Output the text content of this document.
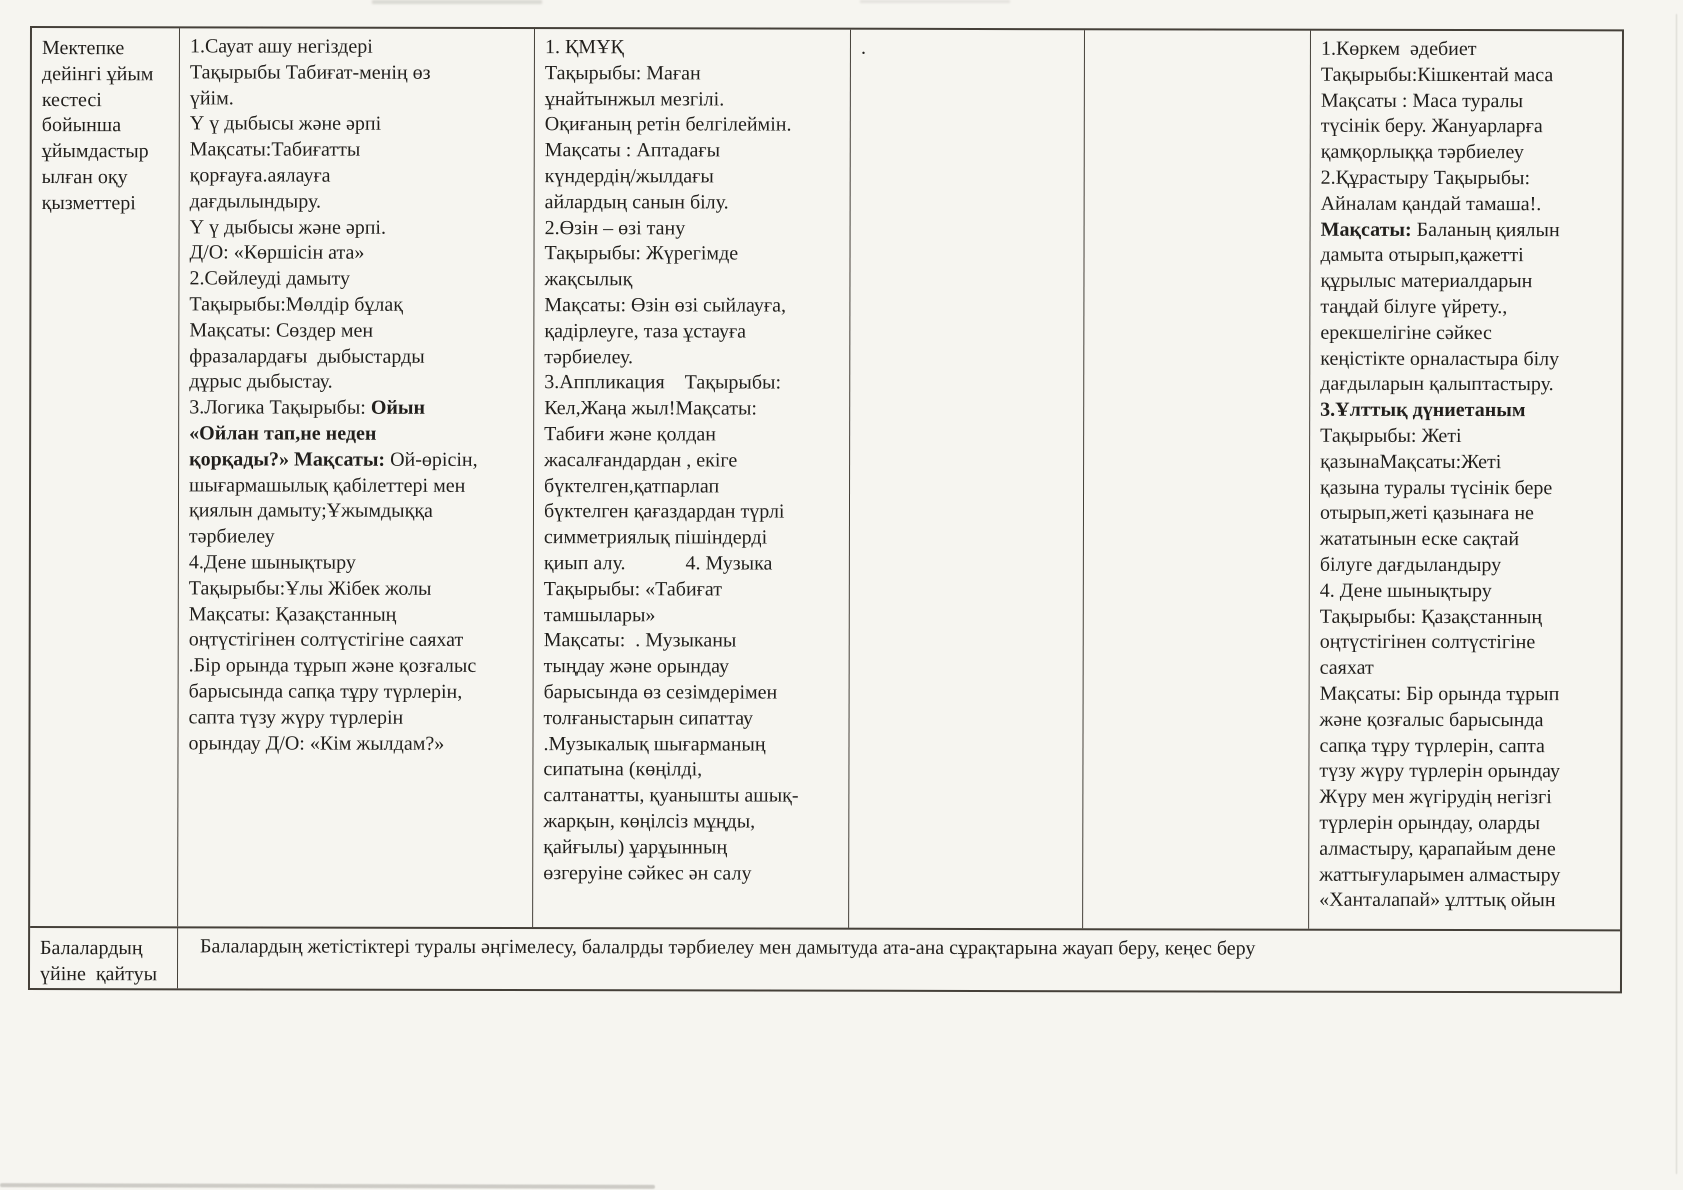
Мектепке
дейінгі ұйым
кестесі
бойынша
ұйымдастыр
ылған оқу
қызметтері
1.Сауат ашу негіздері
Тақырыбы Табиғат-менің өз
үйім.
Ү ү дыбысы және әрпі
Мақсаты:Табиғатты
қорғауға.аялауға
дағдылындыру.
Ү ү дыбысы және әрпі.
Д/О: «Көршісін ата»
2.Сөйлеуді дамыту
Тақырыбы:Мөлдір бұлақ
Мақсаты: Сөздер мен
фразалардағы  дыбыстарды
дұрыс дыбыстау.
3.Логика Тақырыбы: Ойын
«Ойлан тап,не неден
қорқады?» Мақсаты: Ой-өрісін,
шығармашылық қабілеттері мен
қиялын дамыту;Ұжымдыққа
тәрбиелеу
4.Дене шынықтыру
Тақырыбы:Ұлы Жібек жолы
Мақсаты: Қазақстанның
оңтүстігінен солтүстігіне саяхат
.Бір орында тұрып және қозғалыс
барысында сапқа тұру түрлерін,
сапта түзу жүру түрлерін
орындау Д/О: «Кім жылдам?»
1. ҚМҰҚ
Тақырыбы: Маған
ұнайтынжыл мезгілі.
Оқиғаның ретін белгілеймін.
Мақсаты : Аптадағы
күндердің/жылдағы
айлардың санын білу.
2.Өзін – өзі тану
Тақырыбы: Жүрегімде
жақсылық
Мақсаты: Өзін өзі сыйлауға,
қадірлеуге, таза ұстауға
тәрбиелеу.
3.Аппликация    Тақырыбы:
Кел,Жаңа жыл!Мақсаты:
Табиғи және қолдан
жасалғандардан , екіге
бүктелген,қатпарлап
бүктелген қағаздардан түрлі
симметриялық пішіндерді
қиып алу.            4. Музыка
Тақырыбы: «Табиғат
тамшылары»
Мақсаты:  . Музыканы
тыңдау және орындау
барысында өз сезімдерімен
толғаныстарын сипаттау
.Музыкалық шығарманың
сипатына (көңілді,
салтанатты, қуанышты ашық-
жарқын, көңілсіз мұңды,
қайғылы) ұарұынның
өзгеруіне сәйкес ән салу
.	1.Көркем  әдебиет
Тақырыбы:Кішкентай маса
Мақсаты : Маса туралы
түсінік беру. Жануарларға
қамқорлыққа тәрбиелеу
2.Құрастыру Тақырыбы:
Айналам қандай тамаша!.
Мақсаты: Баланың қиялын
дамыта отырып,қажетті
құрылыс материалдарын
таңдай білуге үйрету.,
ерекшелігіне сәйкес
кеңістікте орналастыра білу
дағдыларын қалыптастыру.
3.Ұлттық дүниетаным
Тақырыбы: Жеті
қазынаМақсаты:Жеті
қазына туралы түсінік бере
отырып,жеті қазынаға не
жататынын еске сақтай
білуге дағдыландыру
4. Дене шынықтыру
Тақырыбы: Қазақстанның
оңтүстігінен солтүстігіне
саяхат
Мақсаты: Бір орында тұрып
және қозғалыс барысында
сапқа тұру түрлерін, сапта
түзу жүру түрлерін орындау
Жүру мен жүгірудің негізгі
түрлерін орындау, оларды
алмастыру, қарапайым дене
жаттығуларымен алмастыру
«Ханталапай» ұлттық ойын
Балалардың
үйіне  қайтуы
Балалардың жетістіктері туралы әңгімелесу, балалрды тәрбиелеу мен дамытуда ата-ана сұрақтарына жауап беру, кеңес беру
